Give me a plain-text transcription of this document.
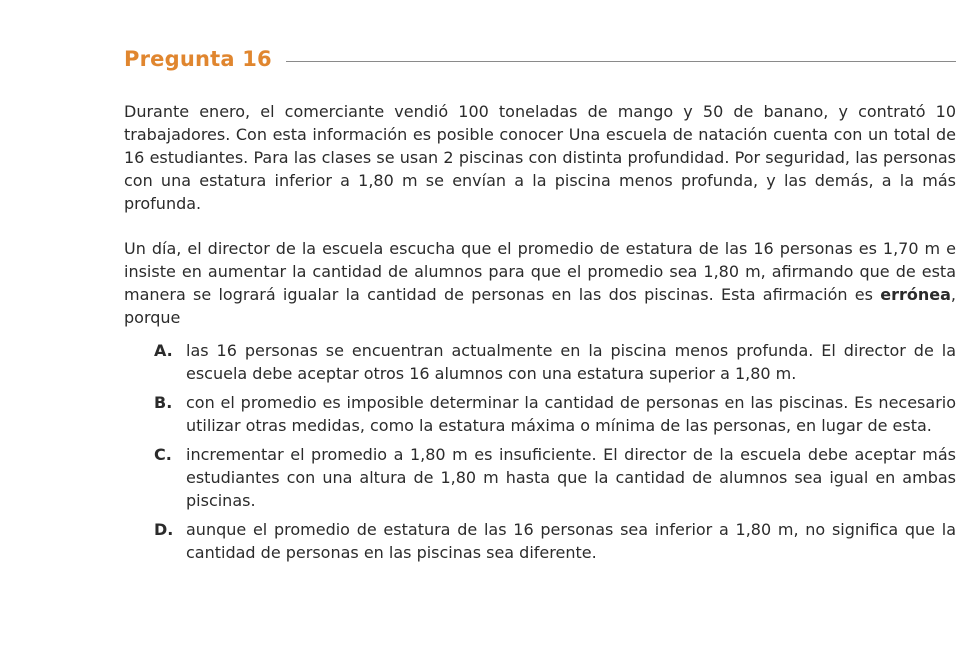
Pregunta 16

Durante enero, el comerciante vendió 100 toneladas de mango y 50 de banano, y contrató 10 trabajadores. Con esta información es posible conocer Una escuela de natación cuenta con un total de 16 estudiantes. Para las clases se usan 2 piscinas con distinta profundidad. Por seguridad, las personas con una estatura inferior a 1,80 m se envían a la piscina menos profunda, y las demás, a la más profunda.

Un día, el director de la escuela escucha que el promedio de estatura de las 16 personas es 1,70 m e insiste en aumentar la cantidad de alumnos para que el promedio sea 1,80 m, afirmando que de esta manera se logrará igualar la cantidad de personas en las dos piscinas. Esta afirmación es errónea, porque

A. las 16 personas se encuentran actualmente en la piscina menos profunda. El director de la escuela debe aceptar otros 16 alumnos con una estatura superior a 1,80 m.
B. con el promedio es imposible determinar la cantidad de personas en las piscinas. Es necesario utilizar otras medidas, como la estatura máxima o mínima de las personas, en lugar de esta.
C. incrementar el promedio a 1,80 m es insuficiente. El director de la escuela debe aceptar más estudiantes con una altura de 1,80 m hasta que la cantidad de alumnos sea igual en ambas piscinas.
D. aunque el promedio de estatura de las 16 personas sea inferior a 1,80 m, no significa que la cantidad de personas en las piscinas sea diferente.
